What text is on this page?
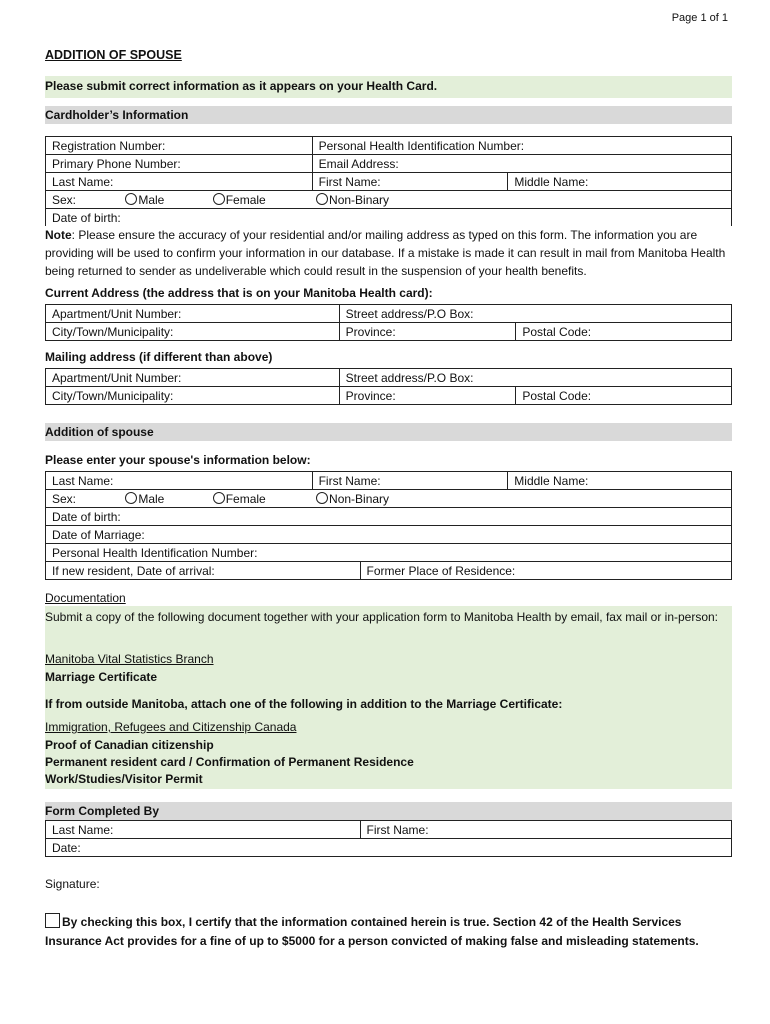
Page 1 of 1
ADDITION OF SPOUSE
Please submit correct information as it appears on your Health Card.
Cardholder’s Information
Registration Number:	Personal Health Identification Number:	
Primary Phone Number:	Email Address:	
Last Name:	First Name:	Middle Name:
Sex: Male Female Non-Binary		
Date of birth:		
Note: Please ensure the accuracy of your residential and/or mailing address as typed on this form. The information you are providing will be used to confirm your information in our database. If a mistake is made it can result in mail from Manitoba Health being returned to sender as undeliverable which could result in the suspension of your health benefits.
Current Address (the address that is on your Manitoba Health card):
Apartment/Unit Number:	Street address/P.O Box:	
City/Town/Municipality:	Province:	Postal Code:
Mailing address (if different than above)
Apartment/Unit Number:	Street address/P.O Box:	
City/Town/Municipality:	Province:	Postal Code:
Addition of spouse
Please enter your spouse's information below:
Last Name:	First Name:		Middle Name:
Sex: Male Female Non-Binary			
Date of birth:			
Date of Marriage:			
Personal Health Identification Number:			
If new resident, Date of arrival:		Former Place of Residence:	
Documentation
Submit a copy of the following document together with your application form to Manitoba Health by email, fax mail or in-person:
Manitoba Vital Statistics Branch
Marriage Certificate
If from outside Manitoba, attach one of the following in addition to the Marriage Certificate:
Immigration, Refugees and Citizenship Canada
Proof of Canadian citizenship
Permanent resident card / Confirmation of Permanent Residence
Work/Studies/Visitor Permit
Form Completed By
Last Name:	First Name:
Date:
Signature:
By checking this box, I certify that the information contained herein is true. Section 42 of the Health Services Insurance Act provides for a fine of up to $5000 for a person convicted of making false and misleading statements.
